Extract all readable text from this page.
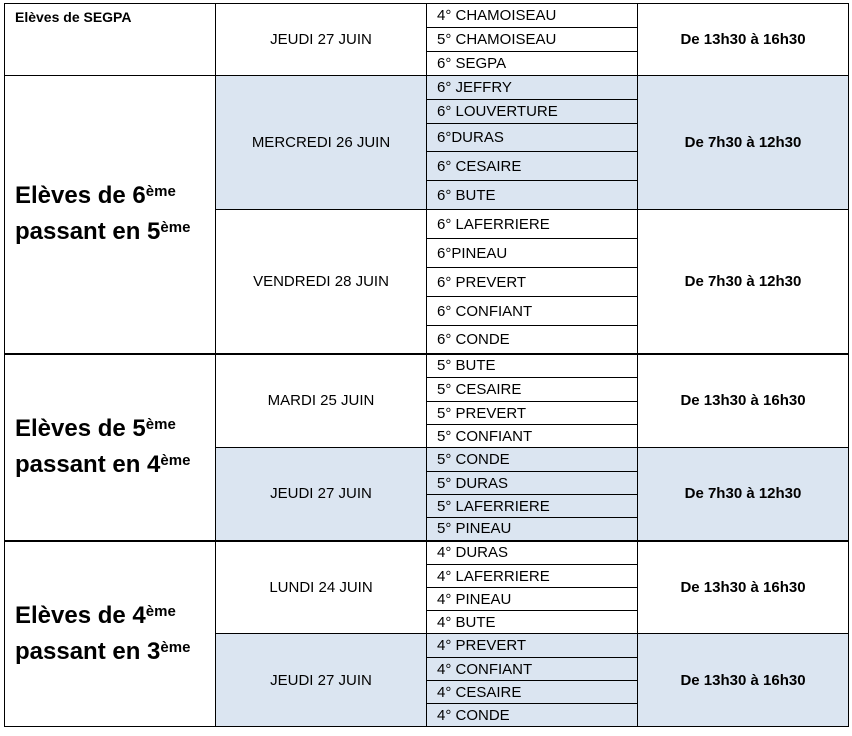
Elèves de SEGPA	JEUDI 27 JUIN	4° CHAMOISEAU	De 13h30 à 16h30
		5° CHAMOISEAU	
		6° SEGPA	
Elèves de 6ème
passant en 5ème	MERCREDI 26 JUIN	6° JEFFRY	De 7h30 à 12h30
		6° LOUVERTURE	
		6°DURAS	
		6° CESAIRE	
		6° BUTE	
	VENDREDI 28 JUIN	6° LAFERRIERE	De 7h30 à 12h30
		6°PINEAU	
		6° PREVERT	
		6° CONFIANT	
		6° CONDE	
Elèves de 5ème
passant en 4ème	MARDI 25 JUIN	5° BUTE	De 13h30 à 16h30
		5° CESAIRE	
		5° PREVERT	
		5° CONFIANT	
	JEUDI 27 JUIN	5° CONDE	De 7h30 à 12h30
		5° DURAS	
		5° LAFERRIERE	
		5° PINEAU	
Elèves de 4ème
passant en 3ème	LUNDI 24 JUIN	4° DURAS	De 13h30 à 16h30
		4° LAFERRIERE	
		4° PINEAU	
		4° BUTE	
	JEUDI 27 JUIN	4° PREVERT	De 13h30 à 16h30
		4° CONFIANT	
		4° CESAIRE	
		4° CONDE	
